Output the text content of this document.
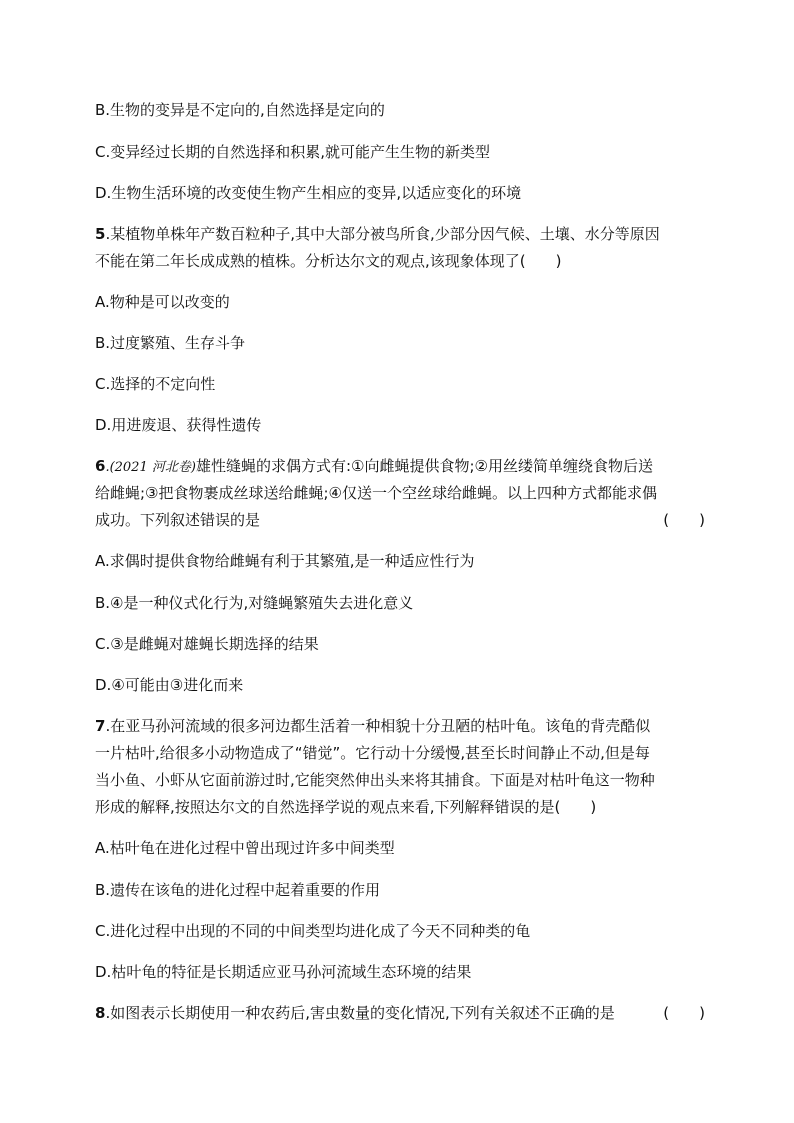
B.生物的变异是不定向的,自然选择是定向的
C.变异经过长期的自然选择和积累,就可能产生生物的新类型
D.生物生活环境的改变使生物产生相应的变异,以适应变化的环境
5.某植物单株年产数百粒种子,其中大部分被鸟所食,少部分因气候、土壤、水分等原因
不能在第二年长成成熟的植株。分析达尔文的观点,该现象体现了(　　)
A.物种是可以改变的
B.过度繁殖、生存斗争
C.选择的不定向性
D.用进废退、获得性遗传
6.(2021 河北卷)雄性缝蝇的求偶方式有:①向雌蝇提供食物;②用丝缕简单缠绕食物后送
给雌蝇;③把食物裹成丝球送给雌蝇;④仅送一个空丝球给雌蝇。以上四种方式都能求偶
成功。下列叙述错误的是	(　　)
A.求偶时提供食物给雌蝇有利于其繁殖,是一种适应性行为
B.④是一种仪式化行为,对缝蝇繁殖失去进化意义
C.③是雌蝇对雄蝇长期选择的结果
D.④可能由③进化而来
7.在亚马孙河流域的很多河边都生活着一种相貌十分丑陋的枯叶龟。该龟的背壳酷似
一片枯叶,给很多小动物造成了“错觉”。它行动十分缓慢,甚至长时间静止不动,但是每
当小鱼、小虾从它面前游过时,它能突然伸出头来将其捕食。下面是对枯叶龟这一物种
形成的解释,按照达尔文的自然选择学说的观点来看,下列解释错误的是(　　)
A.枯叶龟在进化过程中曾出现过许多中间类型
B.遗传在该龟的进化过程中起着重要的作用
C.进化过程中出现的不同的中间类型均进化成了今天不同种类的龟
D.枯叶龟的特征是长期适应亚马孙河流域生态环境的结果
8.如图表示长期使用一种农药后,害虫数量的变化情况,下列有关叙述不正确的是	(　　)
